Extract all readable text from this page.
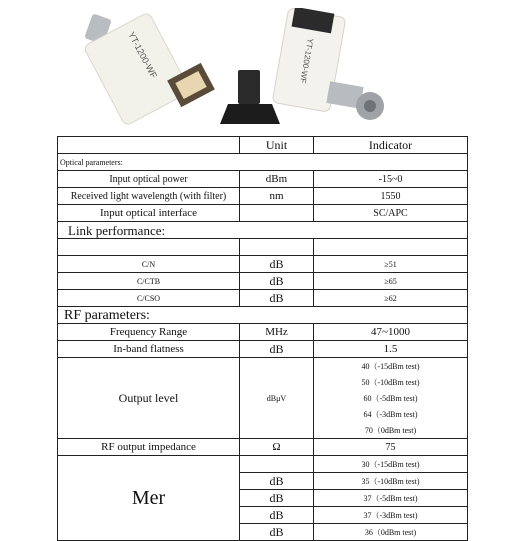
YT-1200-WF	YT-1200-WF
	Unit	Indicator
Optical parameters:		
Input optical power	dBm	-15~0
Received light wavelength (with filter)	nm	1550
Input optical interface		SC/APC
Link performance:		

C/N	dB	≥51
C/CTB	dB	≥65
C/CSO	dB	≥62
RF parameters:		
Frequency Range	MHz	47~1000
In-band flatness	dB	1.5
Output level	dBμV	40（-15dBm test)
		50（-10dBm test)
		60（-5dBm test)
		64（-3dBm test)
		70（0dBm test)
RF output impedance	Ω	75
Mer		30（-15dBm test)
	dB	35（-10dBm test)
	dB	37（-5dBm test)
	dB	37（-3dBm test)
	dB	36（0dBm test)
